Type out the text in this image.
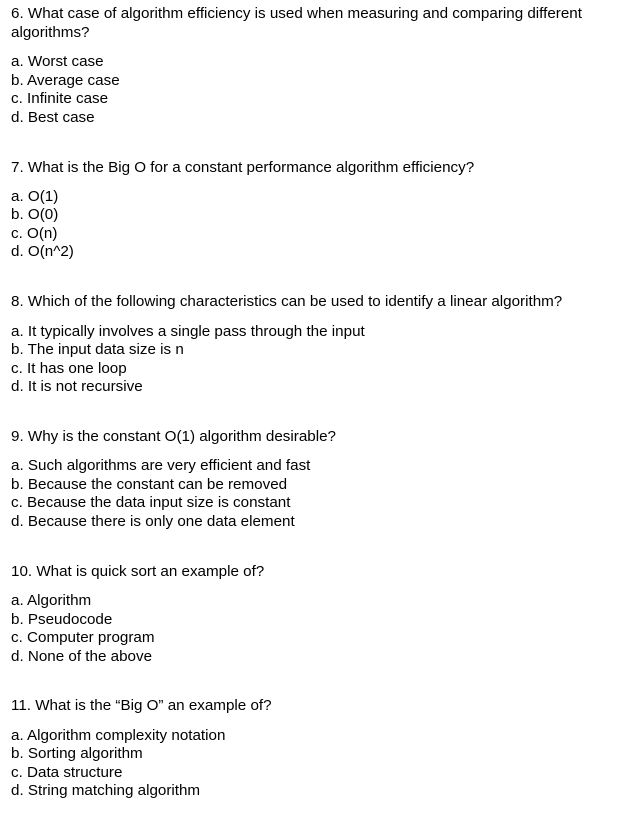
6. What case of algorithm efficiency is used when measuring and comparing different algorithms?
a. Worst case
b. Average case
c. Infinite case
d. Best case
7. What is the Big O for a constant performance algorithm efficiency?
a. O(1)
b. O(0)
c. O(n)
d. O(n^2)
8. Which of the following characteristics can be used to identify a linear algorithm?
a. It typically involves a single pass through the input
b. The input data size is n
c. It has one loop
d. It is not recursive
9. Why is the constant O(1) algorithm desirable?
a. Such algorithms are very efficient and fast
b. Because the constant can be removed
c. Because the data input size is constant
d. Because there is only one data element
10. What is quick sort an example of?
a. Algorithm
b. Pseudocode
c. Computer program
d. None of the above
11. What is the “Big O” an example of?
a. Algorithm complexity notation
b. Sorting algorithm
c. Data structure
d. String matching algorithm
